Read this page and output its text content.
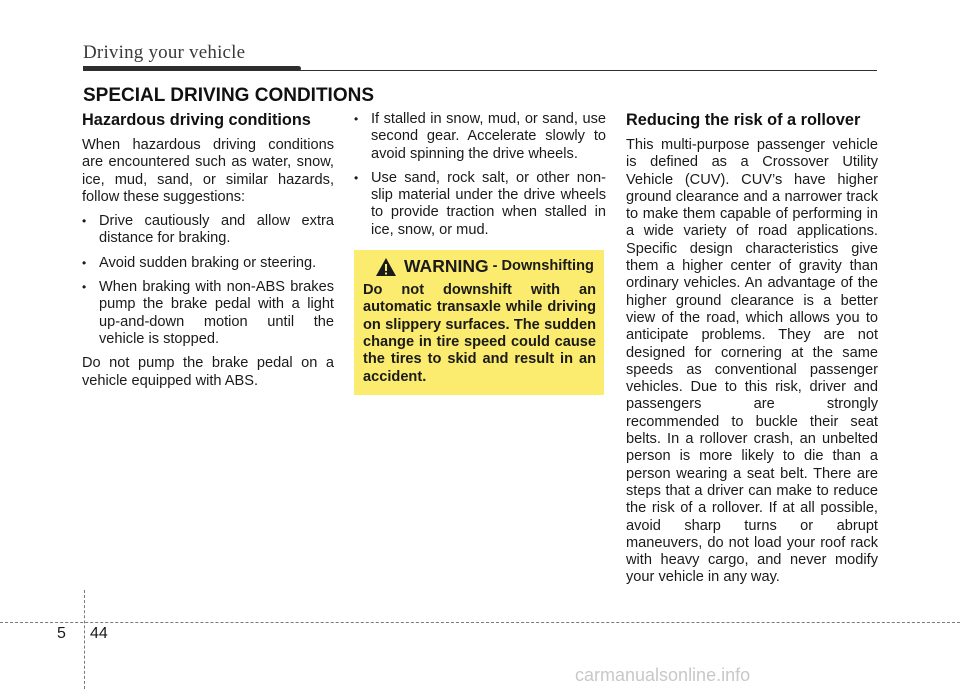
Driving your vehicle
SPECIAL DRIVING CONDITIONS
Hazardous driving conditions

When hazardous driving conditions are encountered such as water, snow, ice, mud, sand, or similar hazards, follow these suggestions:

• Drive cautiously and allow extra distance for braking.
• Avoid sudden braking or steering.
• When braking with non-ABS brakes pump the brake pedal with a light up-and-down motion until the vehicle is stopped.

Do not pump the brake pedal on a vehicle equipped with ABS.

• If stalled in snow, mud, or sand, use second gear. Accelerate slowly to avoid spinning the drive wheels.
• Use sand, rock salt, or other non-slip material under the drive wheels to provide traction when stalled in ice, snow, or mud.
WARNING - Downshifting
Do not downshift with an automatic transaxle while driving on slippery surfaces. The sudden change in tire speed could cause the tires to skid and result in an accident.
Reducing the risk of a rollover

This multi-purpose passenger vehicle is defined as a Crossover Utility Vehicle (CUV). CUV’s have higher ground clearance and a narrower track to make them capable of performing in a wide variety of road applications. Specific design characteristics give them a higher center of gravity than ordinary vehicles. An advantage of the higher ground clearance is a better view of the road, which allows you to anticipate problems. They are not designed for cornering at the same speeds as conventional passenger vehicles. Due to this risk, driver and passengers are strongly recommended to buckle their seat belts. In a rollover crash, an unbelted person is more likely to die than a person wearing a seat belt. There are steps that a driver can make to reduce the risk of a rollover. If at all possible, avoid sharp turns or abrupt maneuvers, do not load your roof rack with heavy cargo, and never modify your vehicle in any way.

5 44
carmanualsonline.info
